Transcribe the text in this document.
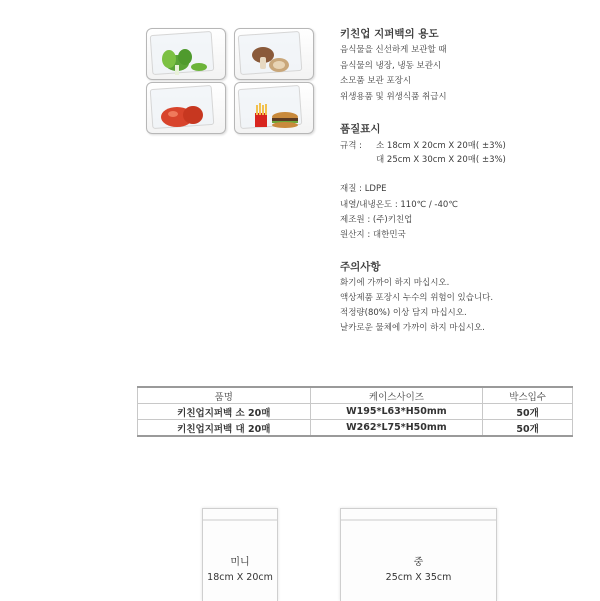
키친업 지퍼백의 용도
음식물을 신선하게 보관할 때
음식물의 냉장, 냉동 보관시
소모품 보관 포장시
위생용품 및 위생식품 취급시
품질표시
규격 : 소 18cm X 20cm X 20매( ±3%)
대 25cm X 30cm X 20매( ±3%)
재질 : LDPE
내열/내냉온도 : 110℃ / -40℃
제조원 : (주)키친업
원산지 : 대한민국
주의사항
화기에 가까이 하지 마십시오.
액상제품 포장시 누수의 위험이 있습니다.
적정량(80%) 이상 담지 마십시오.
날카로운 물체에 가까이 하지 마십시오.
품명	케이스사이즈	박스입수
키친업지퍼백 소 20매	W195*L63*H50mm	50개
키친업지퍼백 대 20매	W262*L75*H50mm	50개
미니
18cm X 20cm
중
25cm X 35cm
